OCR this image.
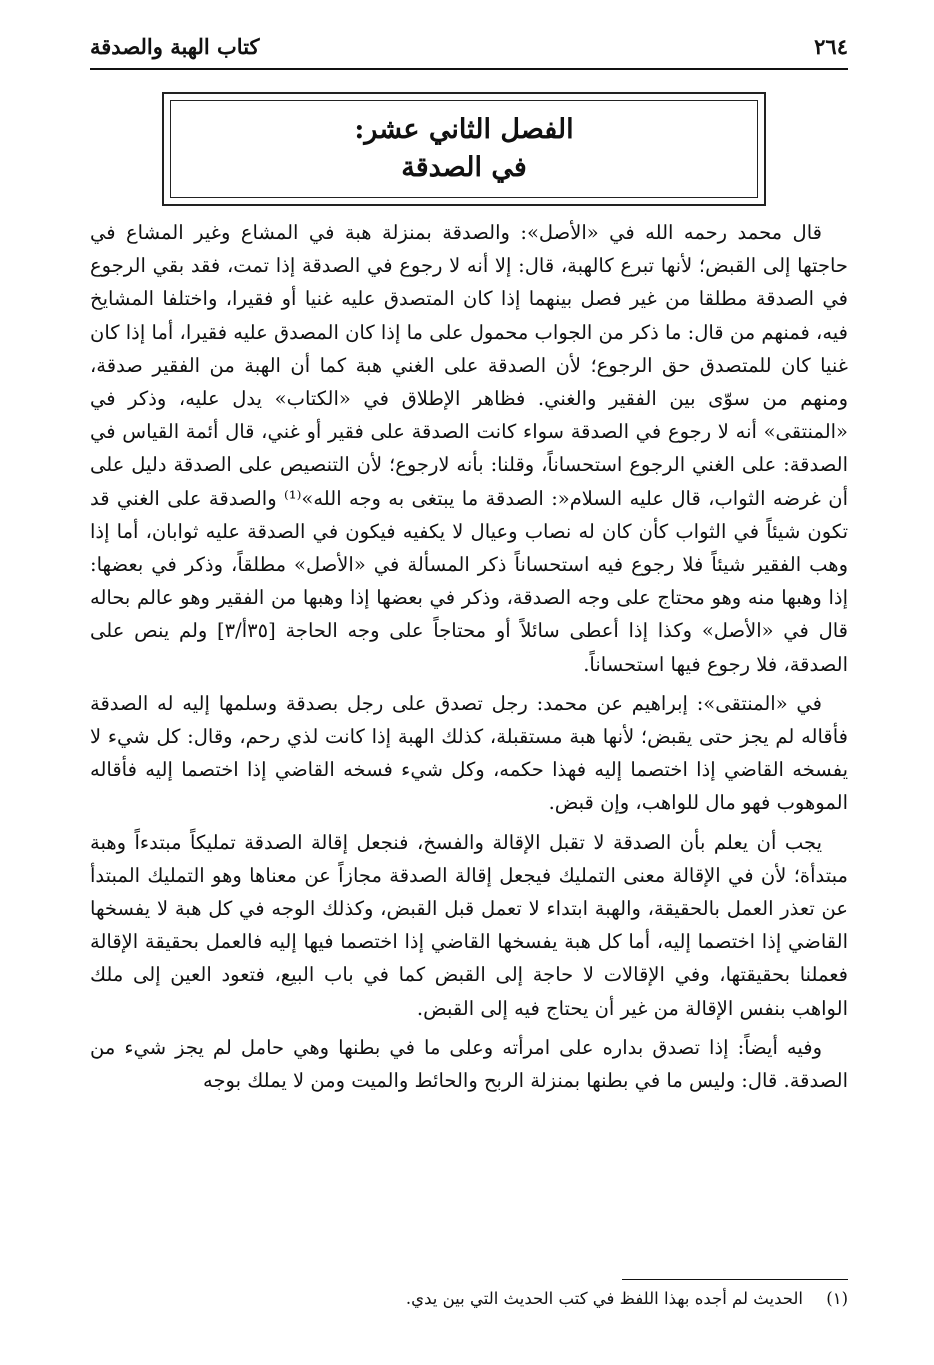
٢٦٤
كتاب الهبة والصدقة
الفصل الثاني عشر:
في الصدقة

قال محمد رحمه الله في «الأصل»: والصدقة بمنزلة هبة في المشاع وغير المشاع في حاجتها إلى القبض؛ لأنها تبرع كالهبة، قال: إلا أنه لا رجوع في الصدقة إذا تمت، فقد بقي الرجوع في الصدقة مطلقا من غير فصل بينهما إذا كان المتصدق عليه غنيا أو فقيرا، واختلفا المشايخ فيه، فمنهم من قال: ما ذكر من الجواب محمول على ما إذا كان المصدق عليه فقيرا، أما إذا كان غنيا كان للمتصدق حق الرجوع؛ لأن الصدقة على الغني هبة كما أن الهبة من الفقير صدقة، ومنهم من سوّى بين الفقير والغني. فظاهر الإطلاق في «الكتاب» يدل عليه، وذكر في «المنتقى» أنه لا رجوع في الصدقة سواء كانت الصدقة على فقير أو غني، قال أئمة القياس في الصدقة: على الغني الرجوع استحساناً، وقلنا: بأنه لارجوع؛ لأن التنصيص على الصدقة دليل على أن غرضه الثواب، قال عليه السلام«: الصدقة ما يبتغى به وجه الله»⁽¹⁾ والصدقة على الغني قد تكون شيئاً في الثواب كأن كان له نصاب وعيال لا يكفيه فيكون في الصدقة عليه ثوابان، أما إذا وهب الفقير شيئاً فلا رجوع فيه استحساناً ذكر المسألة في «الأصل» مطلقاً، وذكر في بعضها: إذا وهبها منه وهو محتاج على وجه الصدقة، وذكر في بعضها إذا وهبها من الفقير وهو عالم بحاله قال في «الأصل» وكذا إذا أعطى سائلاً أو محتاجاً على وجه الحاجة [٣٥أ/٣] ولم ينص على الصدقة، فلا رجوع فيها استحساناً.

في «المنتقى»: إبراهيم عن محمد: رجل تصدق على رجل بصدقة وسلمها إليه له الصدقة فأقاله لم يجز حتى يقبض؛ لأنها هبة مستقبلة، كذلك الهبة إذا كانت لذي رحم، وقال: كل شيء لا يفسخه القاضي إذا اختصما إليه فهذا حكمه، وكل شيء فسخه القاضي إذا اختصما إليه فأقاله الموهوب فهو مال للواهب، وإن قبض.

يجب أن يعلم بأن الصدقة لا تقبل الإقالة والفسخ، فنجعل إقالة الصدقة تمليكاً مبتدءاً وهبة مبتدأة؛ لأن في الإقالة معنى التمليك فيجعل إقالة الصدقة مجازاً عن معناها وهو التمليك المبتدأ عن تعذر العمل بالحقيقة، والهبة ابتداء لا تعمل قبل القبض، وكذلك الوجه في كل هبة لا يفسخها القاضي إذا اختصما إليه، أما كل هبة يفسخها القاضي إذا اختصما فيها إليه فالعمل بحقيقة الإقالة فعملنا بحقيقتها، وفي الإقالات لا حاجة إلى القبض كما في باب البيع، فتعود العين إلى ملك الواهب بنفس الإقالة من غير أن يحتاج فيه إلى القبض.

وفيه أيضاً: إذا تصدق بداره على امرأته وعلى ما في بطنها وهي حامل لم يجز شيء من الصدقة. قال: وليس ما في بطنها بمنزلة الربح والحائط والميت ومن لا يملك بوجه

(١) الحديث لم أجده بهذا اللفظ في كتب الحديث التي بين يدي.
